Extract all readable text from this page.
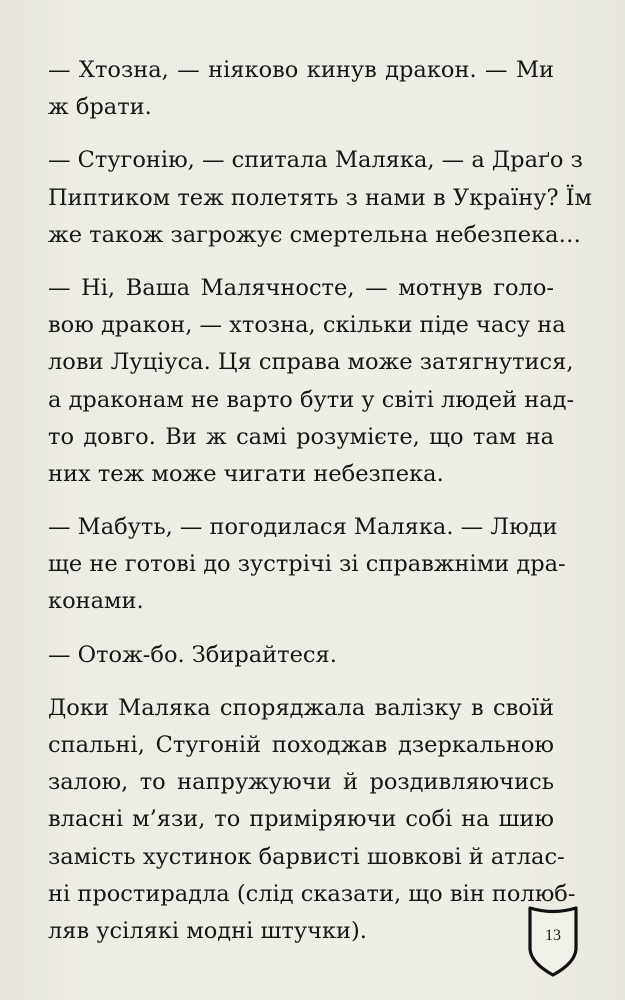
— Хтозна, — ніяково кинув дракон. — Ми
ж брати.
— Стугонію, — спитала Маляка, — а Драґо з
Пиптиком теж полетять з нами в Україну? Їм
же також загрожує смертельна небезпека…
— Ні, Ваша Малячносте, — мотнув голо-
вою дракон, — хтозна, скільки піде часу на
лови Луціуса. Ця справа може затягнутися,
а драконам не варто бути у світі людей над-
то довго. Ви ж самі розумієте, що там на
них теж може чигати небезпека.
— Мабуть, — погодилася Маляка. — Люди
ще не готові до зустрічі зі справжніми дра-
конами.
— Отож-бо. Збирайтеся.
Доки Маляка споряджала валізку в своїй
спальні, Стугоній походжав дзеркальною
залою, то напружуючи й роздивляючись
власні м’язи, то приміряючи собі на шию
замість хустинок барвисті шовкові й атлас-
ні простирадла (слід сказати, що він полюб-
ляв усілякі модні штучки).	13
